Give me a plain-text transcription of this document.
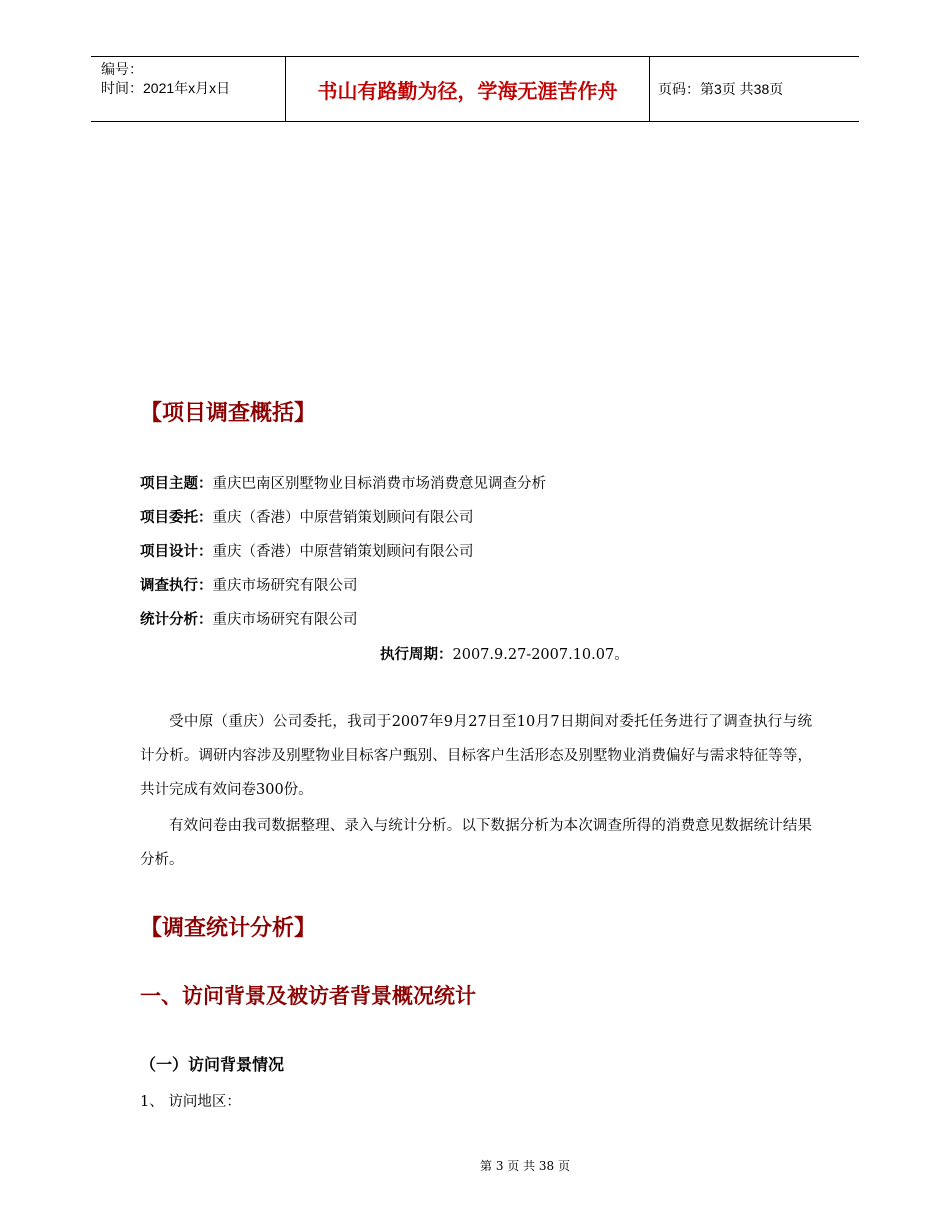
编号：
时间：2021年x月x日	书山有路勤为径，学海无涯苦作舟	页码：第3页 共38页
【项目调查概括】
项目主题：重庆巴南区别墅物业目标消费市场消费意见调查分析
项目委托：重庆（香港）中原营销策划顾问有限公司
项目设计：重庆（香港）中原营销策划顾问有限公司
调查执行：重庆市场研究有限公司
统计分析：重庆市场研究有限公司
执行周期：2007.9.27-2007.10.07。

受中原（重庆）公司委托，我司于2007年9月27日至10月7日期间对委托任务进行了调查执行与统计分析。调研内容涉及别墅物业目标客户甄别、目标客户生活形态及别墅物业消费偏好与需求特征等等，共计完成有效问卷300份。

有效问卷由我司数据整理、录入与统计分析。以下数据分析为本次调查所得的消费意见数据统计结果分析。

【调查统计分析】
一、访问背景及被访者背景概况统计
（一）访问背景情况
1、 访问地区：
第 3 页 共 38 页
